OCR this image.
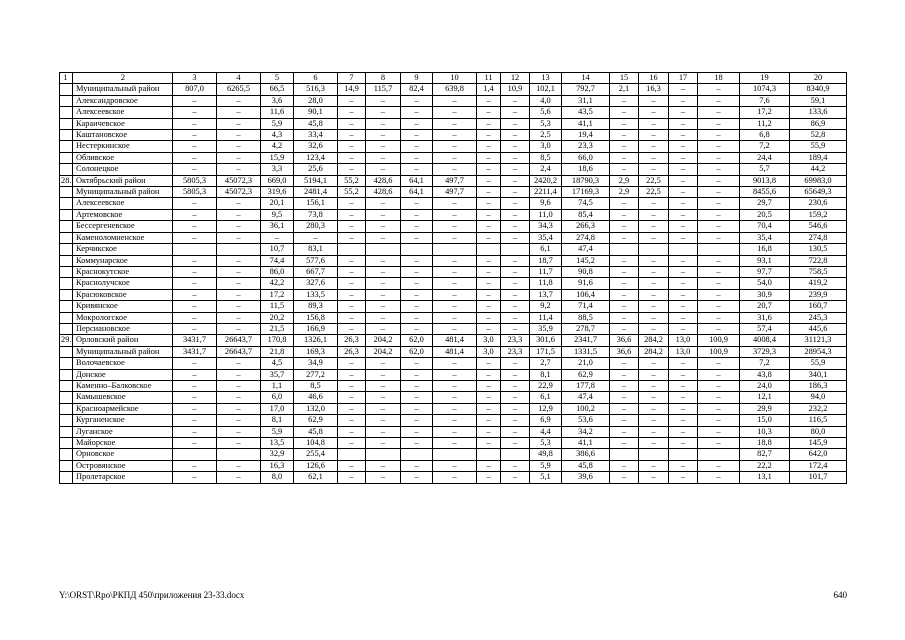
1	2	3	4	5	6	7	8	9	10	11	12	13	14	15	16	17	18	19	20
	Муниципальный район	807,0	6265,5	66,5	516,3	14,9	115,7	82,4	639,8	1,4	10,9	102,1	792,7	2,1	16,3	–	–	1074,3	8340,9
	Александровское	–	–	3,6	28,0	–	–	–	–	–	–	4,0	31,1	–	–	–	–	7,6	59,1
	Алексеевское	–	–	11,6	90,1	–	–	–	–	–	–	5,6	43,5	–	–	–	–	17,2	133,6
	Караичевское	–	–	5,9	45,8	–	–	–	–	–	–	5,3	41,1	–	–	–	–	11,2	86,9
	Каштановское	–	–	4,3	33,4	–	–	–	–	–	–	2,5	19,4	–	–	–	–	6,8	52,8
	Нестеркинское	–	–	4,2	32,6	–	–	–	–	–	–	3,0	23,3	–	–	–	–	7,2	55,9
	Обливское	–	–	15,9	123,4	–	–	–	–	–	–	8,5	66,0	–	–	–	–	24,4	189,4
	Солонецкое	–	–	3,3	25,6	–	–	–	–	–	–	2,4	18,6	–	–	–	–	5,7	44,2
28.	Октябрьский район	5805,3	45072,3	669,0	5194,1	55,2	428,6	64,1	497,7	–	–	2420,2	18790,3	2,9	22,5	–	–	9013,8	69983,0
	Муниципальный район	5805,3	45072,3	319,6	2481,4	55,2	428,6	64,1	497,7	–	–	2211,4	17169,3	2,9	22,5	–	–	8455,6	65649,3
	Алексеевское	–	–	20,1	156,1	–	–	–	–	–	–	9,6	74,5	–	–	–	–	29,7	230,6
	Артемовское	–	–	9,5	73,8	–	–	–	–	–	–	11,0	85,4	–	–	–	–	20,5	159,2
	Бессергеневское	–	–	36,1	280,3	–	–	–	–	–	–	34,3	266,3	–	–	–	–	70,4	546,6
	Каменоломненское	–	–	–	–	–	–	–	–	–	–	35,4	274,8	–	–	–	–	35,4	274,8
	Керчикское			10,7	83,1							6,1	47,4					16,8	130,5
	Коммунарское	–	–	74,4	577,6	–	–	–	–	–	–	18,7	145,2	–	–	–	–	93,1	722,8
	Краснокутское	–	–	86,0	667,7	–	–	–	–	–	–	11,7	90,8	–	–	–	–	97,7	758,5
	Краснолучское	–	–	42,2	327,6	–	–	–	–	–	–	11,8	91,6	–	–	–	–	54,0	419,2
	Красюковское	–	–	17,2	133,5	–	–	–	–	–	–	13,7	106,4	–	–	–	–	30,9	239,9
	Кривянское	–	–	11,5	89,3	–	–	–	–	–	–	9,2	71,4	–	–	–	–	20,7	160,7
	Мокрологское	–	–	20,2	156,8	–	–	–	–	–	–	11,4	88,5	–	–	–	–	31,6	245,3
	Персиановское	–	–	21,5	166,9	–	–	–	–	–	–	35,9	278,7	–	–	–	–	57,4	445,6
29.	Орловский район	3431,7	26643,7	170,8	1326,1	26,3	204,2	62,0	481,4	3,0	23,3	301,6	2341,7	36,6	284,2	13,0	100,9	4008,4	31121,3
	Муниципальный район	3431,7	26643,7	21,8	169,3	26,3	204,2	62,0	481,4	3,0	23,3	171,5	1331,5	36,6	284,2	13,0	100,9	3729,3	28954,3
	Волочаевское	–	–	4,5	34,9	–	–	–	–	–	–	2,7	21,0	–	–	–	–	7,2	55,9
	Донское	–	–	35,7	277,2	–	–	–	–	–	–	8,1	62,9	–	–	–	–	43,8	340,1
	Каменно–Балковское	–	–	1,1	8,5	–	–	–	–	–	–	22,9	177,8	–	–	–	–	24,0	186,3
	Камышевское	–	–	6,0	46,6	–	–	–	–	–	–	6,1	47,4	–	–	–	–	12,1	94,0
	Красноармейское	–	–	17,0	132,0	–	–	–	–	–	–	12,9	100,2	–	–	–	–	29,9	232,2
	Курганенское	–	–	8,1	62,9	–	–	–	–	–	–	6,9	53,6	–	–	–	–	15,0	116,5
	Луганское	–	–	5,9	45,8	–	–	–	–	–	–	4,4	34,2	–	–	–	–	10,3	80,0
	Майорское	–	–	13,5	104,8	–	–	–	–	–	–	5,3	41,1	–	–	–	–	18,8	145,9
	Орновское			32,9	255,4							49,8	386,6					82,7	642,0
	Островянское	–	–	16,3	126,6	–	–	–	–	–	–	5,9	45,8	–	–	–	–	22,2	172,4
	Пролетарское	–	–	8,0	62,1	–	–	–	–	–	–	5,1	39,6	–	–	–	–	13,1	101,7
Y:\ORST\Rpo\РКПД 450\приложения 23-33.docx	640
